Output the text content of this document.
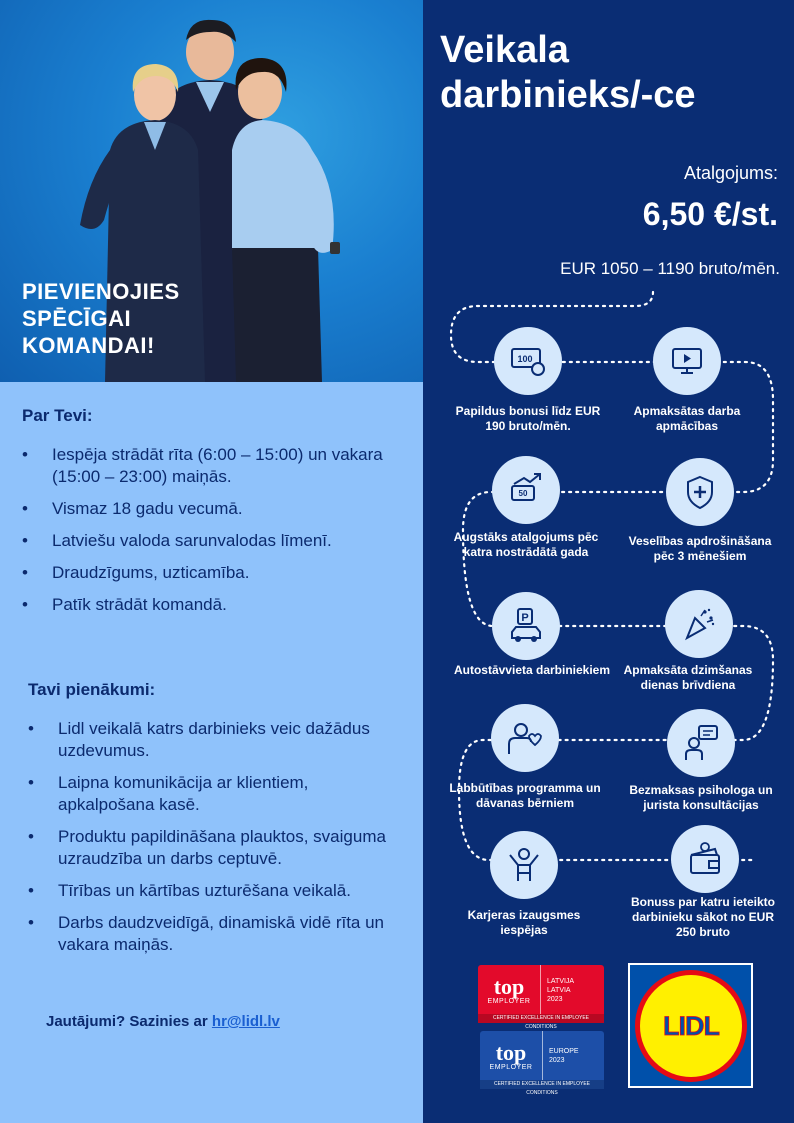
PIEVIENOJIES
SPĒCĪGAI
KOMANDAI!
Par Tevi:
• Iespēja strādāt rīta (6:00 – 15:00) un vakara (15:00 – 23:00) maiņās.
• Vismaz 18 gadu vecumā.
• Latviešu valoda sarunvalodas līmenī.
• Draudzīgums, uzticamība.
• Patīk strādāt komandā.
Tavi pienākumi:
• Lidl veikalā katrs darbinieks veic dažādus uzdevumus.
• Laipna komunikācija ar klientiem, apkalpošana kasē.
• Produktu papildināšana plauktos, svaiguma uzraudzība un darbs ceptuvē.
• Tīrības un kārtības uzturēšana veikalā.
• Darbs daudzveidīgā, dinamiskā vidē rīta un vakara maiņās.
Jautājumi? Sazinies ar hr@lidl.lv
Veikala
darbinieks/-ce
Atalgojums:
6,50 €/st.
EUR 1050 – 1190 bruto/mēn.
100
Papildus bonusi līdz EUR 190 bruto/mēn.
Apmaksātas darba apmācības
50
Augstāks atalgojums pēc katra nostrādātā gada
Veselības apdrošināšana pēc 3 mēnešiem
P
Autostāvvieta darbiniekiem	Apmaksāta dzimšanas dienas brīvdiena
Labbūtības programma un dāvanas bērniem
Bezmaksas psihologa un jurista konsultācijas
Karjeras izaugsmes iespējas
Bonuss par katru ieteikto darbinieku sākot no EUR 250 bruto
top
EMPLOYER
LATVIJA
LATVIA
2023
CERTIFIED EXCELLENCE IN EMPLOYEE CONDITIONS
top
EMPLOYER
EUROPE
2023
CERTIFIED EXCELLENCE IN EMPLOYEE CONDITIONS
LIDL
